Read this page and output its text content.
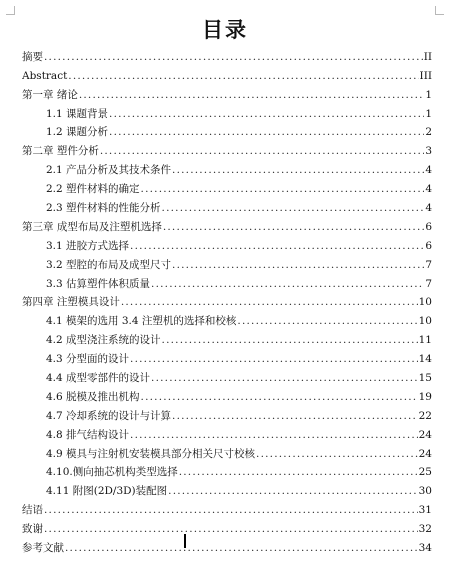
目录
摘要 .....	II
Abstract .....	III
第一章 绪论 .....	1
1.1 课题背景 .....	1
1.2 课题分析 .....	2
第二章 塑件分析 .....	3
2.1 产品分析及其技术条件 .....	4
2.2 塑件材料的确定 .....	4
2.3 塑件材料的性能分析 .....	4
第三章 成型布局及注塑机选择 .....	6
3.1 进胶方式选择 .....	6
3.2 型腔的布局及成型尺寸 .....	7
3.3 估算塑件体积质量 .....	7
第四章 注塑模具设计 .....	10
4.1 模架的选用 3.4 注塑机的选择和校核 .....	10
4.2 成型浇注系统的设计 .....	11
4.3 分型面的设计 .....	14
4.4 成型零部件的设计 .....	15
4.6 脱模及推出机构 .....	19
4.7 冷却系统的设计与计算 .....	22
4.8 排气结构设计 .....	24
4.9 模具与注射机安装模具部分相关尺寸校核 .....	24
4.10.侧向抽芯机构类型选择 .....	25
4.11 附图(2D/3D)装配图 .....	30
结语 .....	31
致谢 .....	32
参考文献 .....	34
